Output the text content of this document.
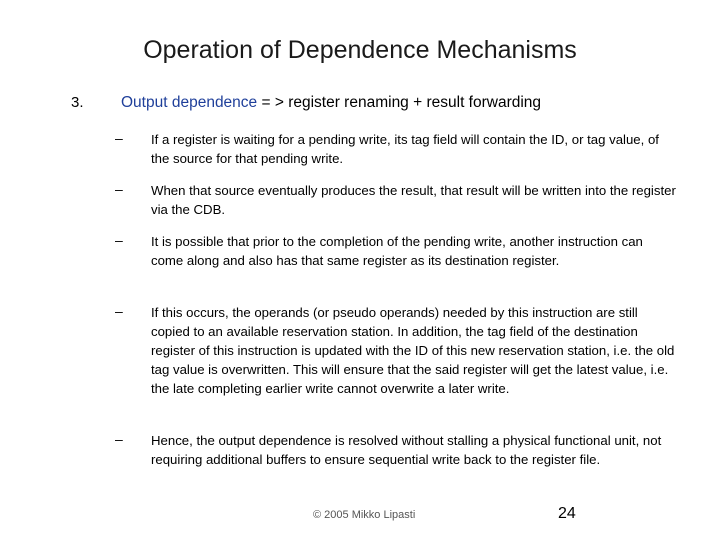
Operation of Dependence Mechanisms
3. Output dependence = > register renaming + result forwarding
–	If a register is waiting for a pending write, its tag field will contain the ID, or tag value, of the source for that pending write.
–	When that source eventually produces the result, that result will be written into the register via the CDB.
–	It is possible that prior to the completion of the pending write, another instruction can come along and also has that same register as its destination register.
–	If this occurs, the operands (or pseudo operands) needed by this instruction are still copied to an available reservation station. In addition, the tag field of the destination register of this instruction is updated with the ID of this new reservation station, i.e. the old tag value is overwritten. This will ensure that the said register will get the latest value, i.e. the late completing earlier write cannot overwrite a later write.
–	Hence, the output dependence is resolved without stalling a physical functional unit, not requiring additional buffers to ensure sequential write back to the register file.
© 2005 Mikko Lipasti	24
